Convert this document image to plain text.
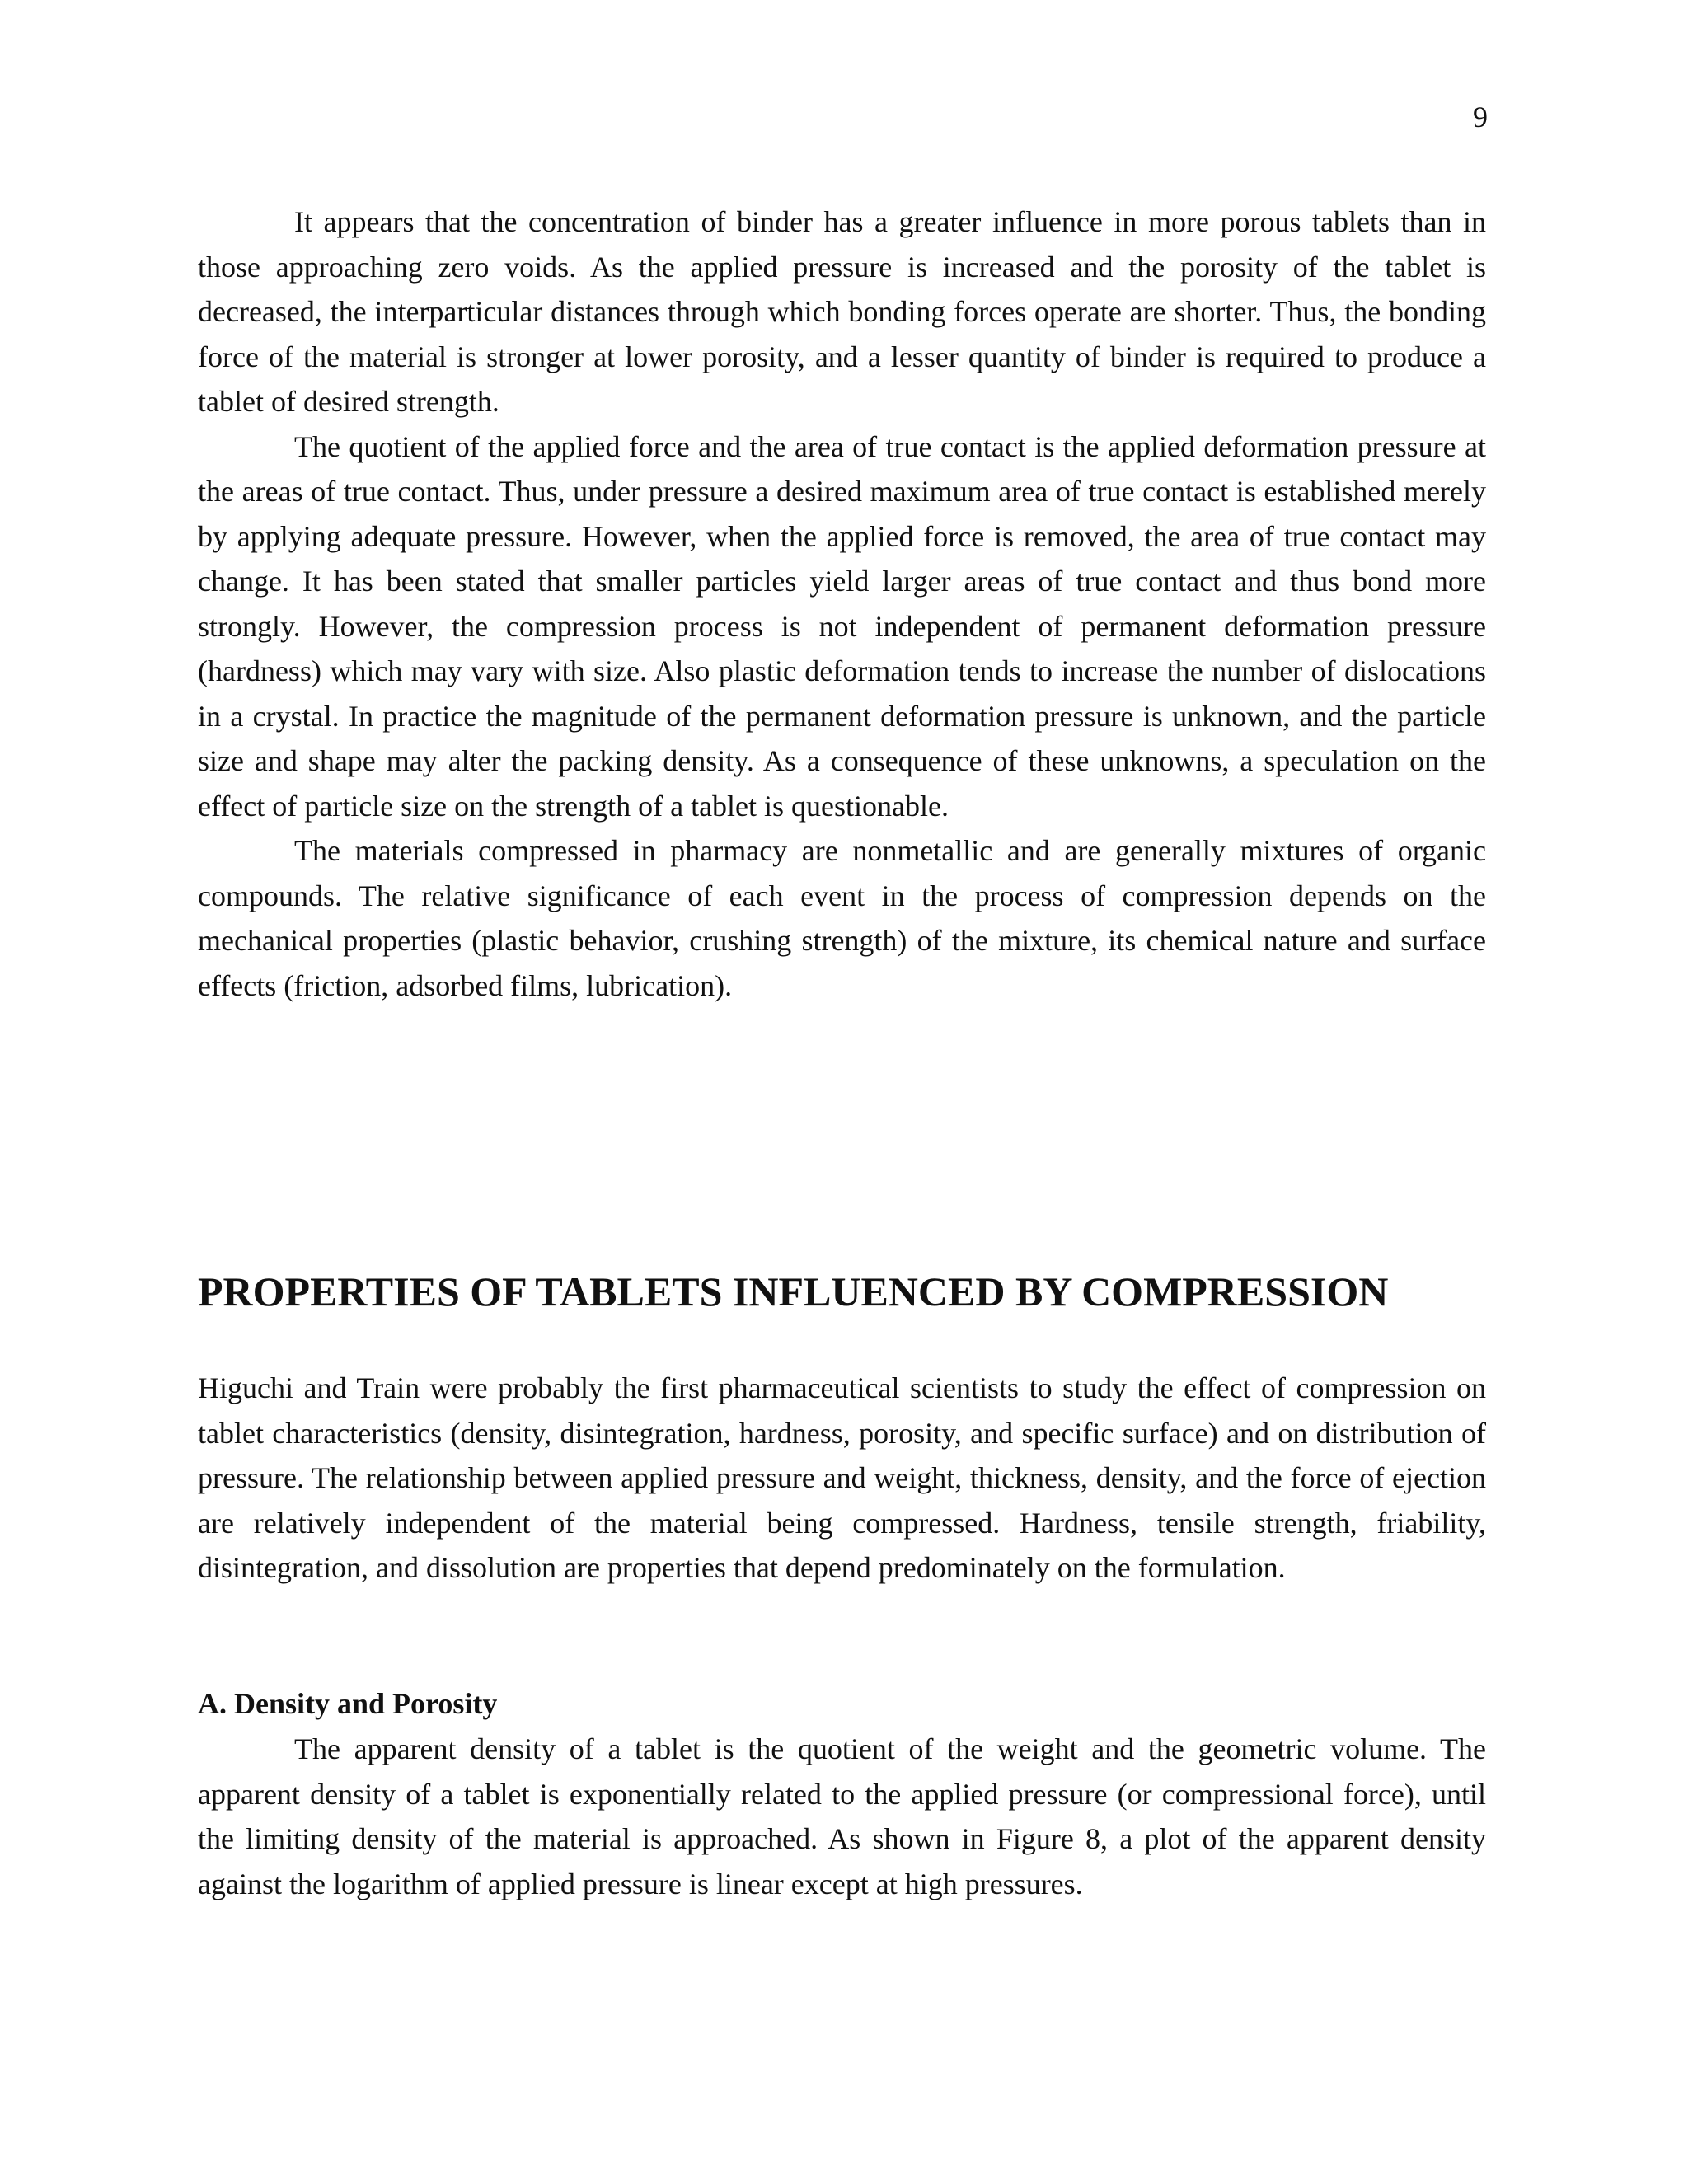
9

It appears that the concentration of binder has a greater influence in more porous tablets than in those approaching zero voids. As the applied pressure is increased and the porosity of the tablet is decreased, the interparticular distances through which bonding forces operate are shorter. Thus, the bonding force of the material is stronger at lower porosity, and a lesser quantity of binder is required to produce a tablet of desired strength.

The quotient of the applied force and the area of true contact is the applied deformation pressure at the areas of true contact. Thus, under pressure a desired maximum area of true contact is established merely by applying adequate pressure. However, when the applied force is removed, the area of true contact may change. It has been stated that smaller particles yield larger areas of true contact and thus bond more strongly. However, the compression process is not independent of permanent deformation pressure (hardness) which may vary with size. Also plastic deformation tends to increase the number of dislocations in a crystal. In practice the magnitude of the permanent deformation pressure is unknown, and the particle size and shape may alter the packing density. As a consequence of these unknowns, a speculation on the effect of particle size on the strength of a tablet is questionable.

The materials compressed in pharmacy are nonmetallic and are generally mixtures of organic compounds. The relative significance of each event in the process of compression depends on the mechanical properties (plastic behavior, crushing strength) of the mixture, its chemical nature and surface effects (friction, adsorbed films, lubrication).

PROPERTIES OF TABLETS INFLUENCED BY COMPRESSION

Higuchi and Train were probably the first pharmaceutical scientists to study the effect of compression on tablet characteristics (density, disintegration, hardness, porosity, and specific surface) and on distribution of pressure. The relationship between applied pressure and weight, thickness, density, and the force of ejection are relatively independent of the material being compressed. Hardness, tensile strength, friability, disintegration, and dissolution are properties that depend predominately on the formulation.

A. Density and Porosity

The apparent density of a tablet is the quotient of the weight and the geometric volume. The apparent density of a tablet is exponentially related to the applied pressure (or compressional force), until the limiting density of the material is approached. As shown in Figure 8, a plot of the apparent density against the logarithm of applied pressure is linear except at high pressures.
